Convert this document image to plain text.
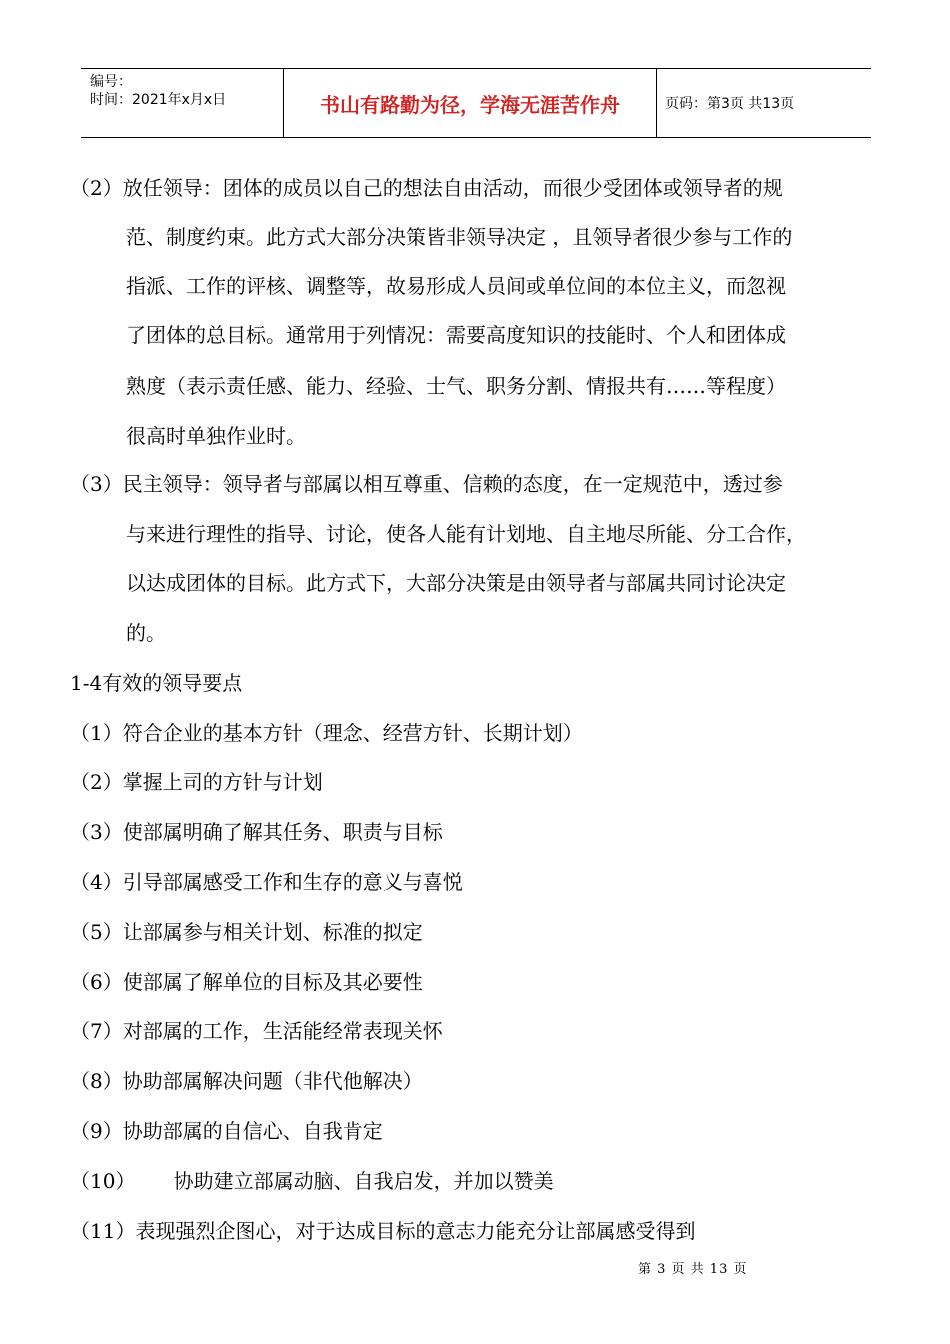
编号：
时间：2021年x月x日	书山有路勤为径，学海无涯苦作舟	页码：第3页 共13页
（2）放任领导：团体的成员以自己的想法自由活动，而很少受团体或领导者的规
范、制度约束。此方式大部分决策皆非领导决定 ，且领导者很少参与工作的
指派、工作的评核、调整等，故易形成人员间或单位间的本位主义，而忽视
了团体的总目标。通常用于列情况：需要高度知识的技能时、个人和团体成
熟度（表示责任感、能力、经验、士气、职务分割、情报共有……等程度）
很高时单独作业时。
（3）民主领导：领导者与部属以相互尊重、信赖的态度，在一定规范中，透过参
与来进行理性的指导、讨论，使各人能有计划地、自主地尽所能、分工合作，
以达成团体的目标。此方式下，大部分决策是由领导者与部属共同讨论决定
的。
1-4有效的领导要点
（1）符合企业的基本方针（理念、经营方针、长期计划）
（2）掌握上司的方针与计划
（3）使部属明确了解其任务、职责与目标
（4）引导部属感受工作和生存的意义与喜悦
（5）让部属参与相关计划、标准的拟定
（6）使部属了解单位的目标及其必要性
（7）对部属的工作，生活能经常表现关怀
（8）协助部属解决问题（非代他解决）
（9）协助部属的自信心、自我肯定
（10）      协助建立部属动脑、自我启发，并加以赞美
（11）表现强烈企图心，对于达成目标的意志力能充分让部属感受得到
第 3 页 共 13 页
